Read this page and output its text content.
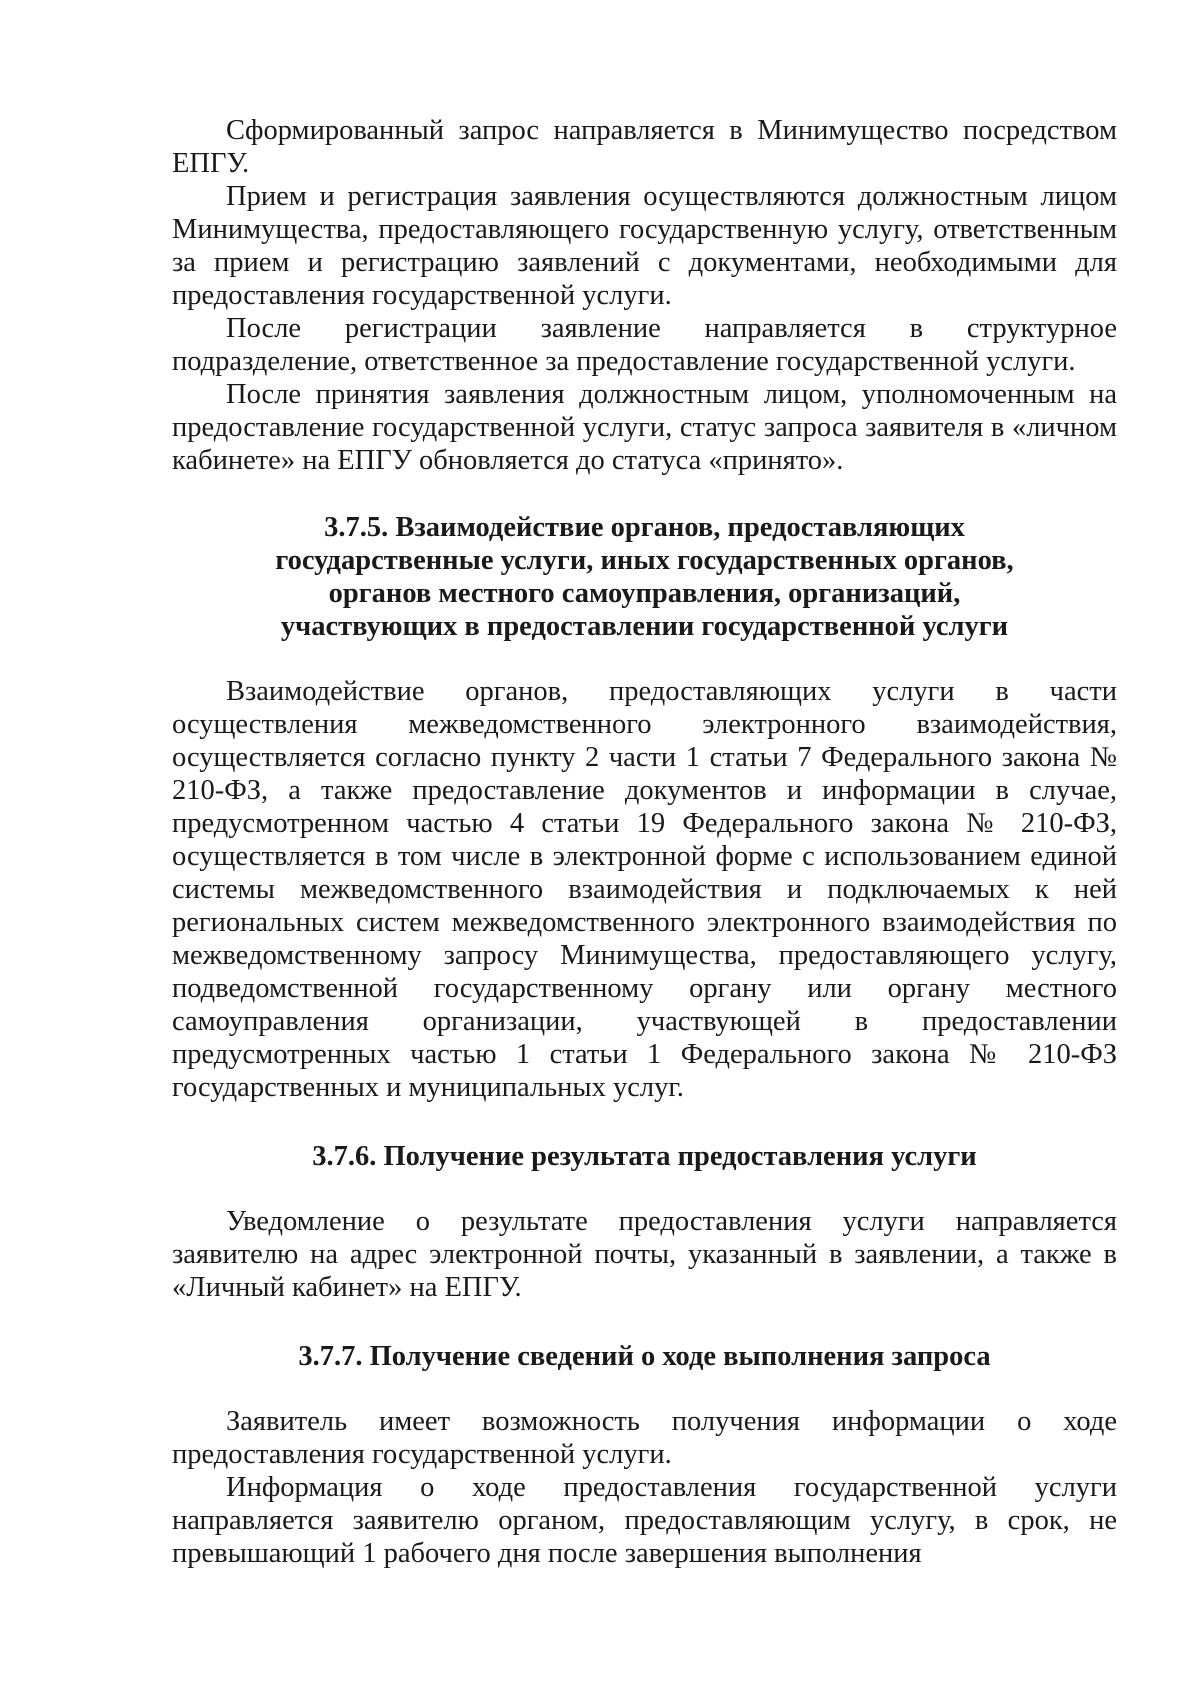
Сформированный запрос направляется в Минимущество посредством ЕПГУ.

Прием и регистрация заявления осуществляются должностным лицом Минимущества, предоставляющего государственную услугу, ответственным за прием и регистрацию заявлений с документами, необходимыми для предоставления государственной услуги.

После регистрации заявление направляется в структурное подразделение, ответственное за предоставление государственной услуги.

После принятия заявления должностным лицом, уполномоченным на предоставление государственной услуги, статус запроса заявителя в «личном кабинете» на ЕПГУ обновляется до статуса «принято».

3.7.5. Взаимодействие органов, предоставляющих
государственные услуги, иных государственных органов,
органов местного самоуправления, организаций,
участвующих в предоставлении государственной услуги

Взаимодействие органов, предоставляющих услуги в части осуществления межведомственного электронного взаимодействия, осуществляется согласно пункту 2 части 1 статьи 7 Федерального закона № 210-ФЗ, а также предоставление документов и информации в случае, предусмотренном частью 4 статьи 19 Федерального закона № 210-ФЗ, осуществляется в том числе в электронной форме с использованием единой системы межведомственного взаимодействия и подключаемых к ней региональных систем межведомственного электронного взаимодействия по межведомственному запросу Минимущества, предоставляющего услугу, подведомственной государственному органу или органу местного самоуправления организации, участвующей в предоставлении предусмотренных частью 1 статьи 1 Федерального закона № 210-ФЗ государственных и муниципальных услуг.

3.7.6. Получение результата предоставления услуги

Уведомление о результате предоставления услуги направляется заявителю на адрес электронной почты, указанный в заявлении, а также в «Личный кабинет» на ЕПГУ.

3.7.7. Получение сведений о ходе выполнения запроса

Заявитель имеет возможность получения информации о ходе предоставления государственной услуги.

Информация о ходе предоставления государственной услуги направляется заявителю органом, предоставляющим услугу, в срок, не превышающий 1 рабочего дня после завершения выполнения
